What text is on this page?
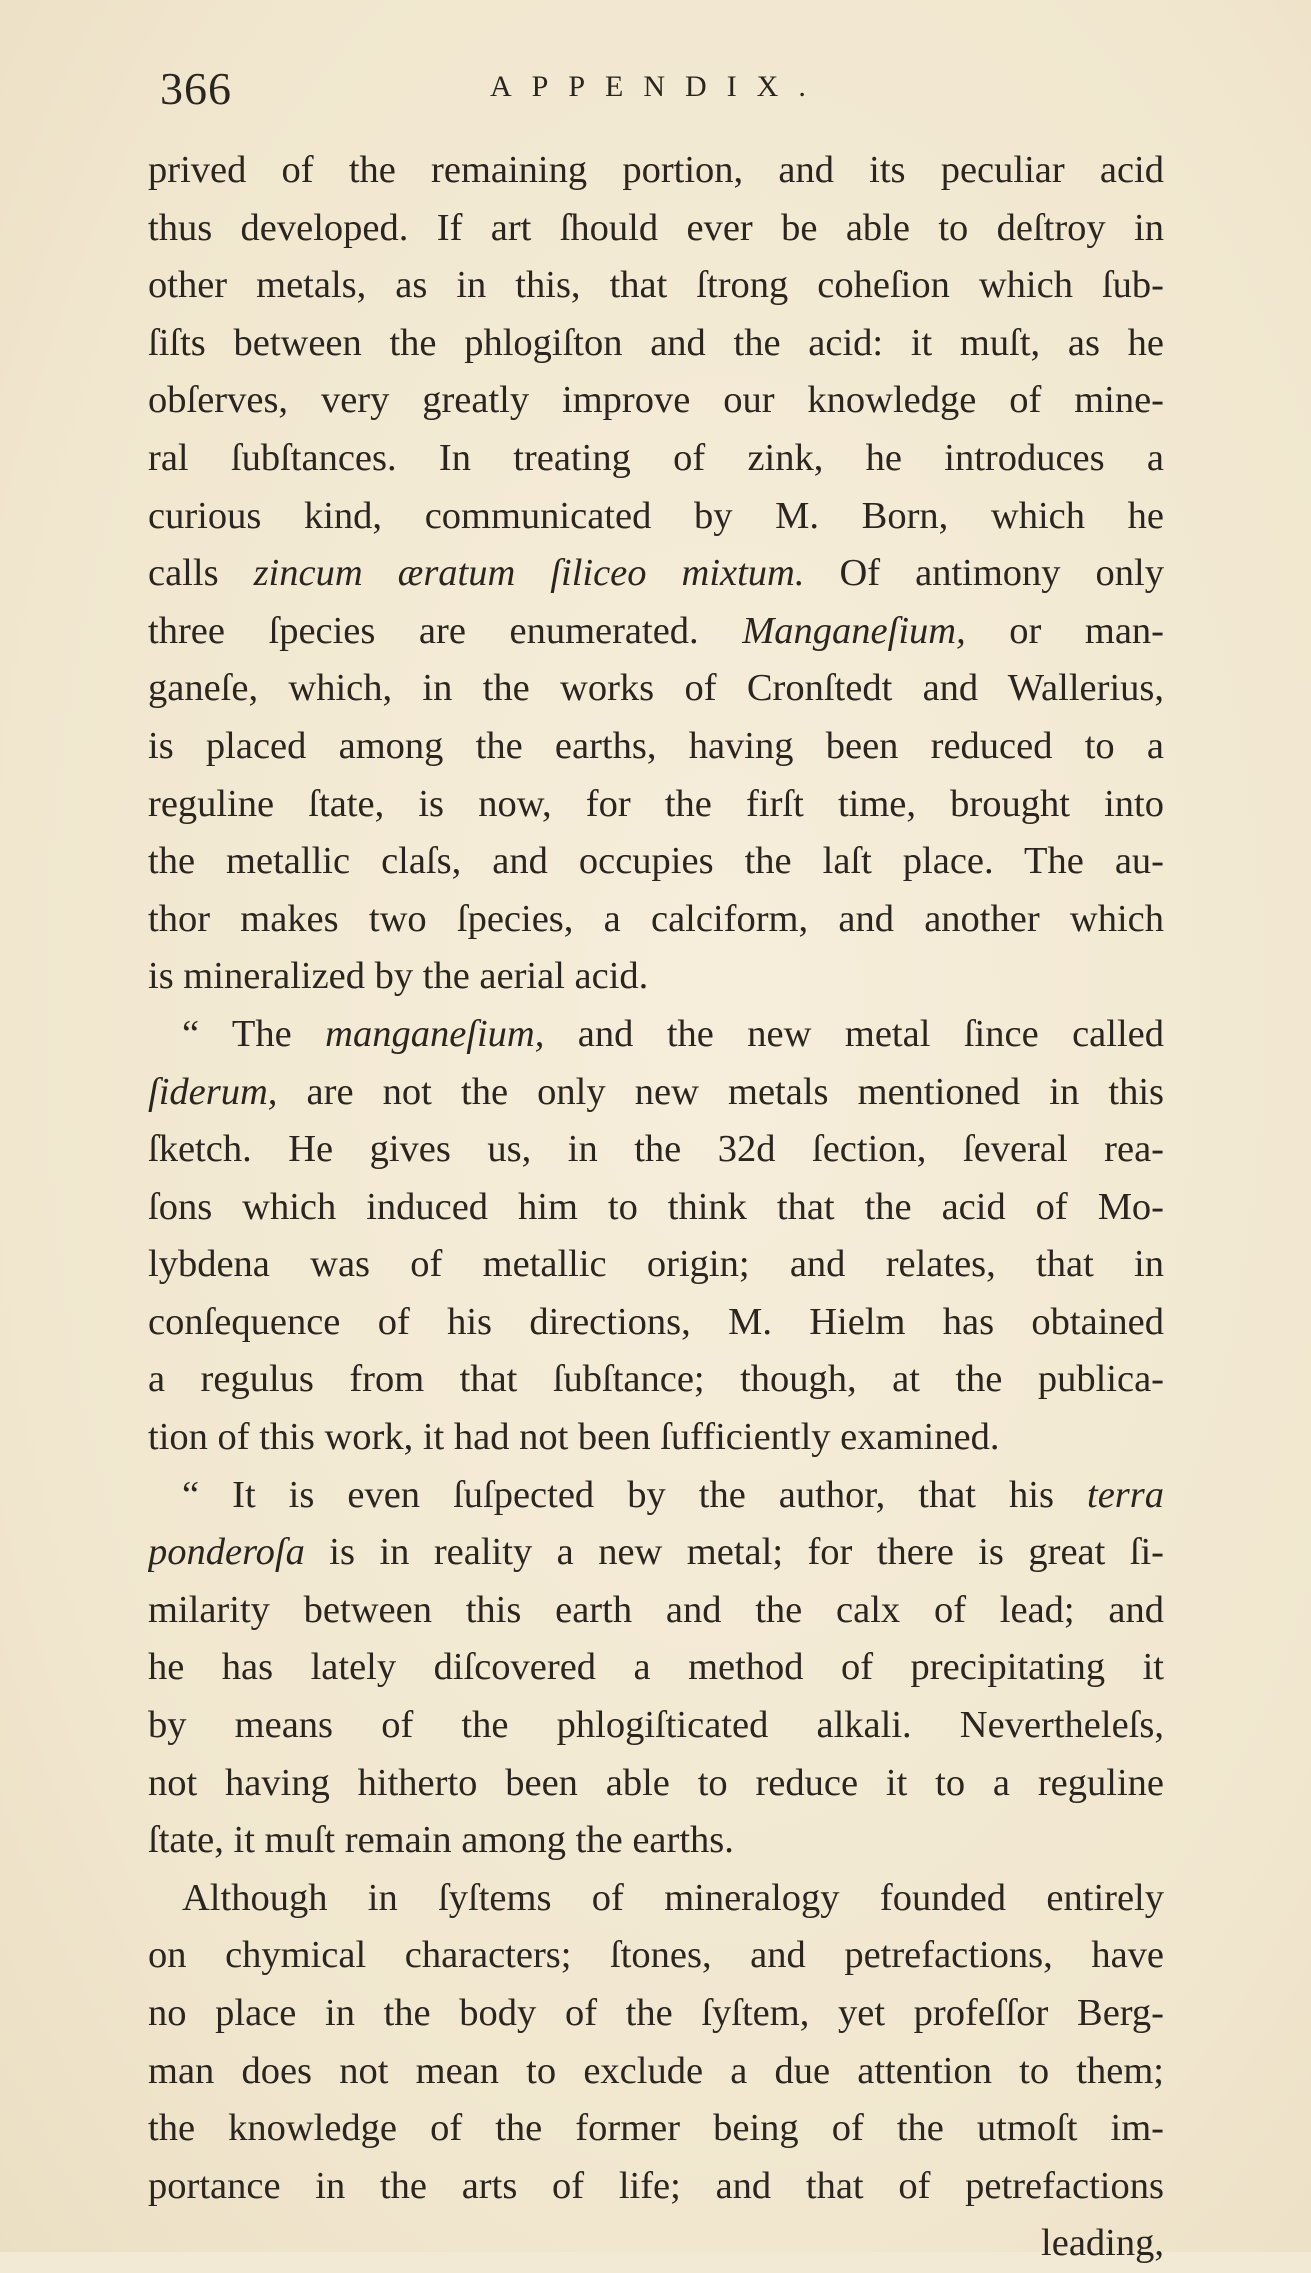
366	APPENDIX.
prived of the remaining portion, and its peculiar acid
thus developed. If art ſhould ever be able to deſtroy in
other metals, as in this, that ſtrong coheſion which ſub-
ſiſts between the phlogiſton and the acid: it muſt, as he
obſerves, very greatly improve our knowledge of mine-
ral ſubſtances. In treating of zink, he introduces a
curious kind, communicated by M. Born, which he
calls zincum æratum ſiliceo mixtum. Of antimony only
three ſpecies are enumerated. Manganeſium, or man-
ganeſe, which, in the works of Cronſtedt and Wallerius,
is placed among the earths, having been reduced to a
reguline ſtate, is now, for the firſt time, brought into
the metallic claſs, and occupies the laſt place. The au-
thor makes two ſpecies, a calciform, and another which
is mineralized by the aerial acid.
“ The manganeſium, and the new metal ſince called
ſiderum, are not the only new metals mentioned in this
ſketch. He gives us, in the 32d ſection, ſeveral rea-
ſons which induced him to think that the acid of Mo-
lybdena was of metallic origin; and relates, that in
conſequence of his directions, M. Hielm has obtained
a regulus from that ſubſtance; though, at the publica-
tion of this work, it had not been ſufficiently examined.
“ It is even ſuſpected by the author, that his terra
ponderoſa is in reality a new metal; for there is great ſi-
milarity between this earth and the calx of lead; and
he has lately diſcovered a method of precipitating it
by means of the phlogiſticated alkali. Nevertheleſs,
not having hitherto been able to reduce it to a reguline
ſtate, it muſt remain among the earths.
Although in ſyſtems of mineralogy founded entirely
on chymical characters; ſtones, and petrefactions, have
no place in the body of the ſyſtem, yet profeſſor Berg-
man does not mean to exclude a due attention to them;
the knowledge of the former being of the utmoſt im-
portance in the arts of life; and that of petrefactions
leading,
